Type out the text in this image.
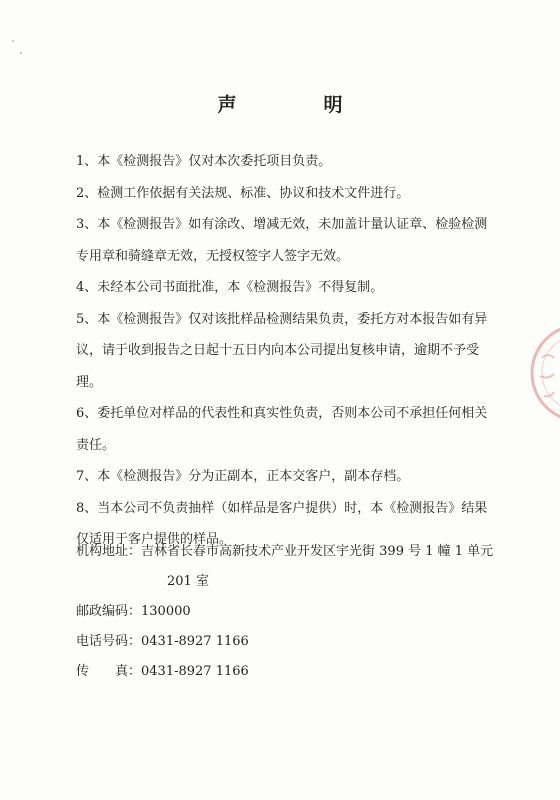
声　明

1、本《检测报告》仅对本次委托项目负责。

2、检测工作依据有关法规、标准、协议和技术文件进行。

3、本《检测报告》如有涂改、增减无效，未加盖计量认证章、检验检测专用章和骑缝章无效，无授权签字人签字无效。

4、未经本公司书面批准，本《检测报告》不得复制。

5、本《检测报告》仅对该批样品检测结果负责，委托方对本报告如有异议，请于收到报告之日起十五日内向本公司提出复核申请，逾期不予受理。

6、委托单位对样品的代表性和真实性负责，否则本公司不承担任何相关责任。

7、本《检测报告》分为正副本，正本交客户，副本存档。

8、当本公司不负责抽样（如样品是客户提供）时，本《检测报告》结果仅适用于客户提供的样品。

机构地址：吉林省长春市高新技术产业开发区宇光街 399 号 1 幢 1 单元
201 室
邮政编码：130000
电话号码：0431-8927 1166
传　　真：0431-8927 1166
